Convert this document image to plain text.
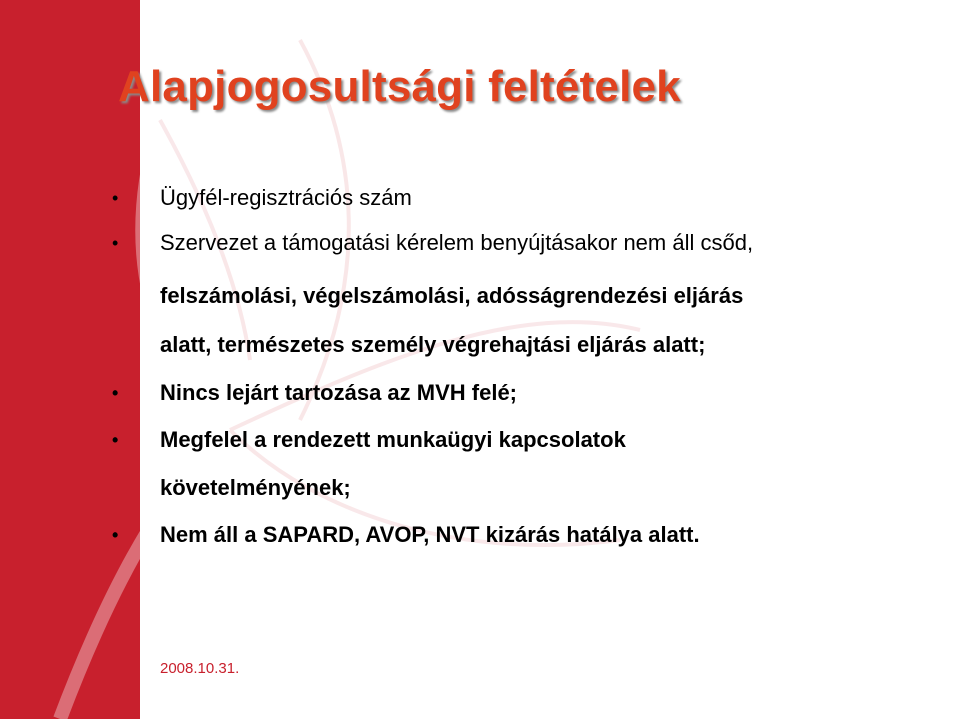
Alapjogosultsági feltételek
• Ügyfél-regisztrációs szám
• Szervezet a támogatási kérelem benyújtásakor nem áll csőd,
felszámolási, végelszámolási, adósságrendezési eljárás
alatt, természetes személy végrehajtási eljárás alatt;
• Nincs lejárt tartozása az MVH felé;
• Megfelel a rendezett munkaügyi kapcsolatok
követelményének;
• Nem áll a SAPARD, AVOP, NVT kizárás hatálya alatt.
2008.10.31.
